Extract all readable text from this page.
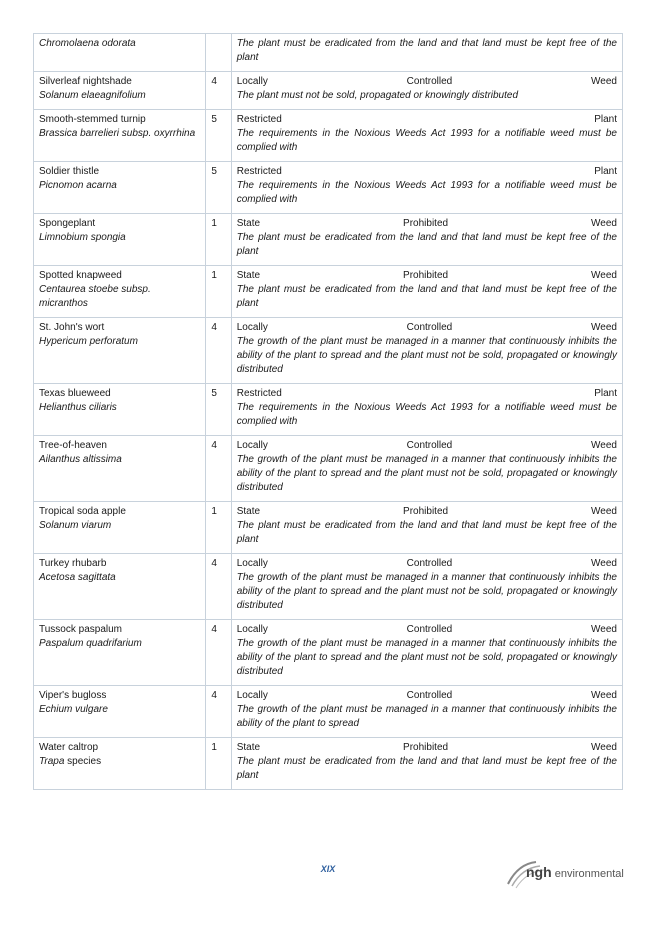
Chromolaena odorata		The plant must be eradicated from the land and that land must be kept free of the plant

Silverleaf nightshade
Solanum elaeagnifolium	4	Locally Controlled Weed
The plant must not be sold, propagated or knowingly distributed

Smooth-stemmed turnip
Brassica barrelieri subsp. oxyrrhina	5	Restricted Plant
The requirements in the Noxious Weeds Act 1993 for a notifiable weed must be complied with

Soldier thistle
Picnomon acarna	5	Restricted Plant
The requirements in the Noxious Weeds Act 1993 for a notifiable weed must be complied with

Spongeplant
Limnobium spongia	1	State Prohibited Weed
The plant must be eradicated from the land and that land must be kept free of the plant

Spotted knapweed
Centaurea stoebe subsp. micranthos	1	State Prohibited Weed
The plant must be eradicated from the land and that land must be kept free of the plant

St. John's wort
Hypericum perforatum	4	Locally Controlled Weed
The growth of the plant must be managed in a manner that continuously inhibits the ability of the plant to spread and the plant must not be sold, propagated or knowingly distributed

Texas blueweed
Helianthus ciliaris	5	Restricted Plant
The requirements in the Noxious Weeds Act 1993 for a notifiable weed must be complied with

Tree-of-heaven
Ailanthus altissima	4	Locally Controlled Weed
The growth of the plant must be managed in a manner that continuously inhibits the ability of the plant to spread and the plant must not be sold, propagated or knowingly distributed

Tropical soda apple
Solanum viarum	1	State Prohibited Weed
The plant must be eradicated from the land and that land must be kept free of the plant

Turkey rhubarb
Acetosa sagittata	4	Locally Controlled Weed
The growth of the plant must be managed in a manner that continuously inhibits the ability of the plant to spread and the plant must not be sold, propagated or knowingly distributed

Tussock paspalum
Paspalum quadrifarium	4	Locally Controlled Weed
The growth of the plant must be managed in a manner that continuously inhibits the ability of the plant to spread and the plant must not be sold, propagated or knowingly distributed

Viper's bugloss
Echium vulgare	4	Locally Controlled Weed
The growth of the plant must be managed in a manner that continuously inhibits the ability of the plant to spread

Water caltrop
Trapa species	1	State Prohibited Weed
The plant must be eradicated from the land and that land must be kept free of the plant
XIX	ngh environmental
